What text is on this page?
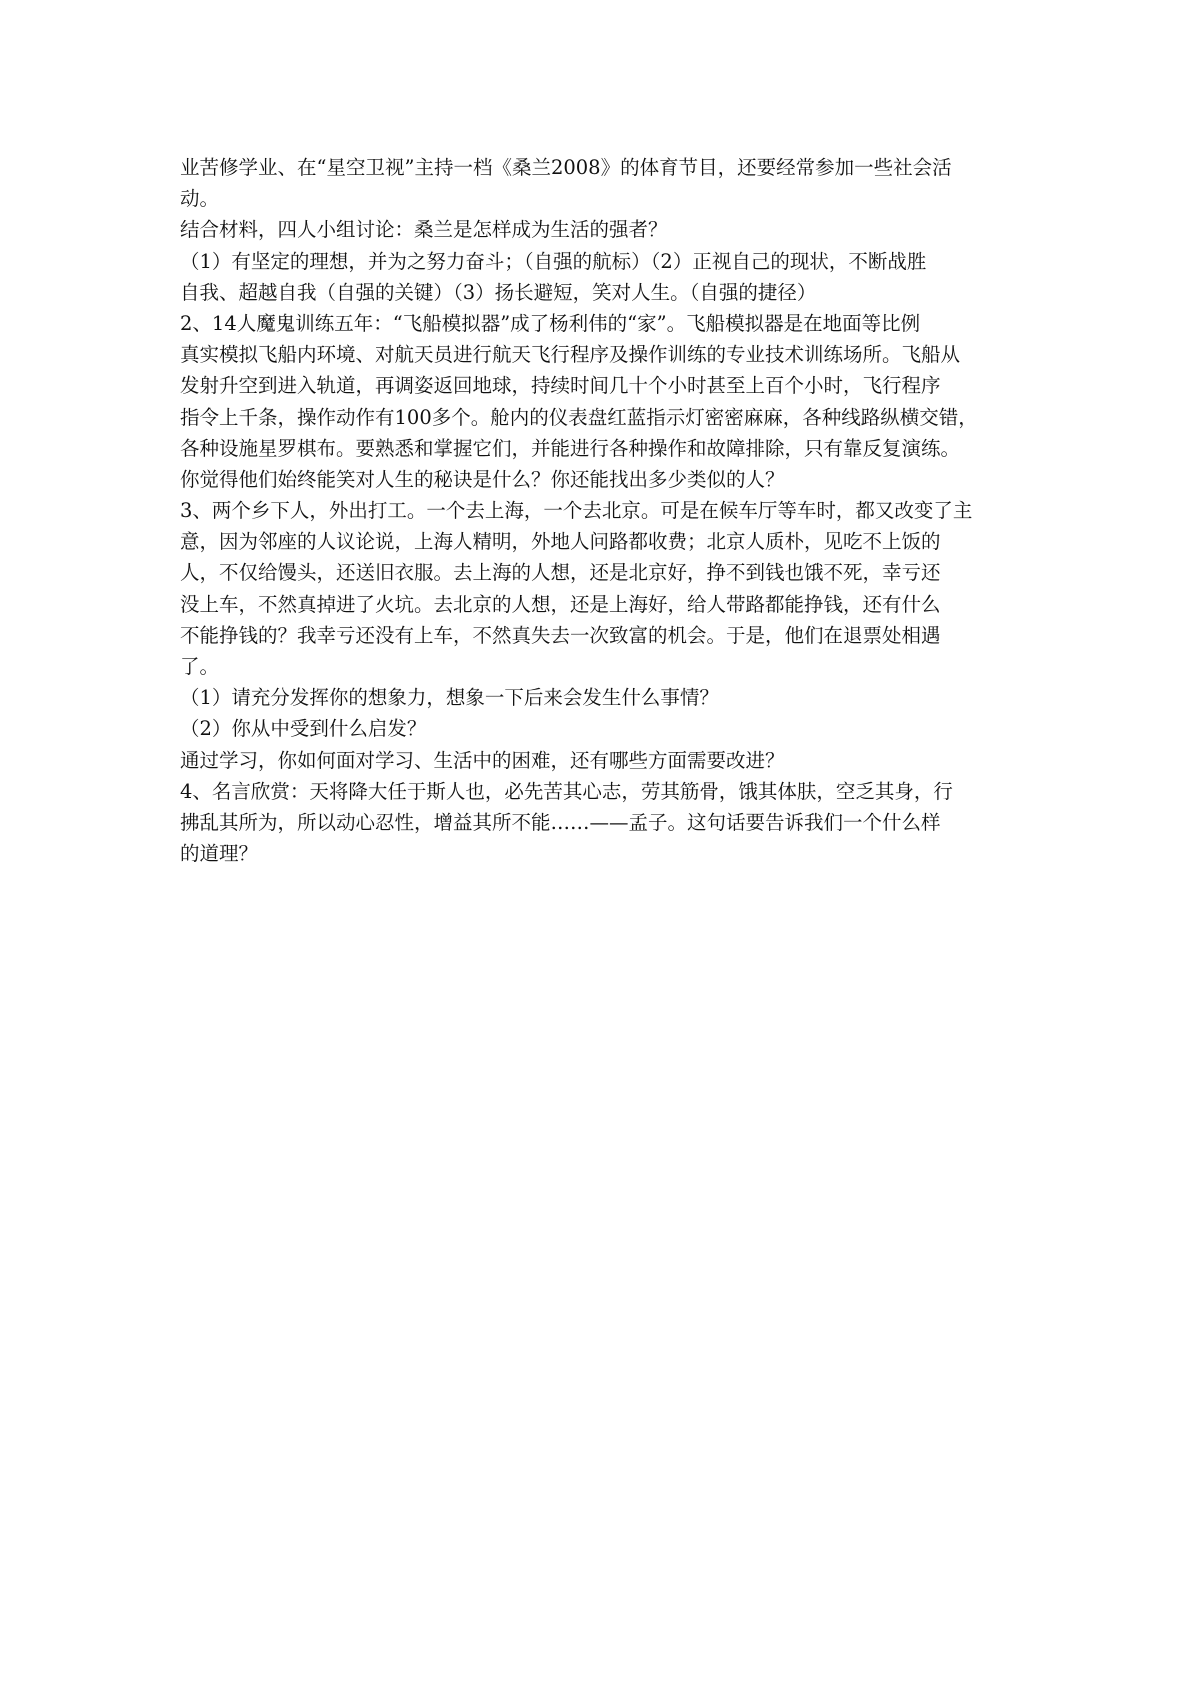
业苦修学业、在“星空卫视”主持一档《桑兰2008》的体育节目，还要经常参加一些社会活
动。
结合材料，四人小组讨论：桑兰是怎样成为生活的强者？
（1）有坚定的理想，并为之努力奋斗；（自强的航标）（2）正视自己的现状，不断战胜
自我、超越自我（自强的关键）（3）扬长避短，笑对人生。（自强的捷径）
2、14人魔鬼训练五年：“飞船模拟器”成了杨利伟的“家”。飞船模拟器是在地面等比例
真实模拟飞船内环境、对航天员进行航天飞行程序及操作训练的专业技术训练场所。飞船从
发射升空到进入轨道，再调姿返回地球，持续时间几十个小时甚至上百个小时，飞行程序
指令上千条，操作动作有100多个。舱内的仪表盘红蓝指示灯密密麻麻，各种线路纵横交错，
各种设施星罗棋布。要熟悉和掌握它们，并能进行各种操作和故障排除，只有靠反复演练。
你觉得他们始终能笑对人生的秘诀是什么？你还能找出多少类似的人？
3、两个乡下人，外出打工。一个去上海，一个去北京。可是在候车厅等车时，都又改变了主
意，因为邻座的人议论说，上海人精明，外地人问路都收费；北京人质朴，见吃不上饭的
人，不仅给馒头，还送旧衣服。去上海的人想，还是北京好，挣不到钱也饿不死，幸亏还
没上车，不然真掉进了火坑。去北京的人想，还是上海好，给人带路都能挣钱，还有什么
不能挣钱的？我幸亏还没有上车，不然真失去一次致富的机会。于是，他们在退票处相遇
了。
（1）请充分发挥你的想象力，想象一下后来会发生什么事情？
（2）你从中受到什么启发？
通过学习，你如何面对学习、生活中的困难，还有哪些方面需要改进？
4、名言欣赏：天将降大任于斯人也，必先苦其心志，劳其筋骨，饿其体肤，空乏其身，行
拂乱其所为，所以动心忍性，增益其所不能……——孟子。这句话要告诉我们一个什么样
的道理？
